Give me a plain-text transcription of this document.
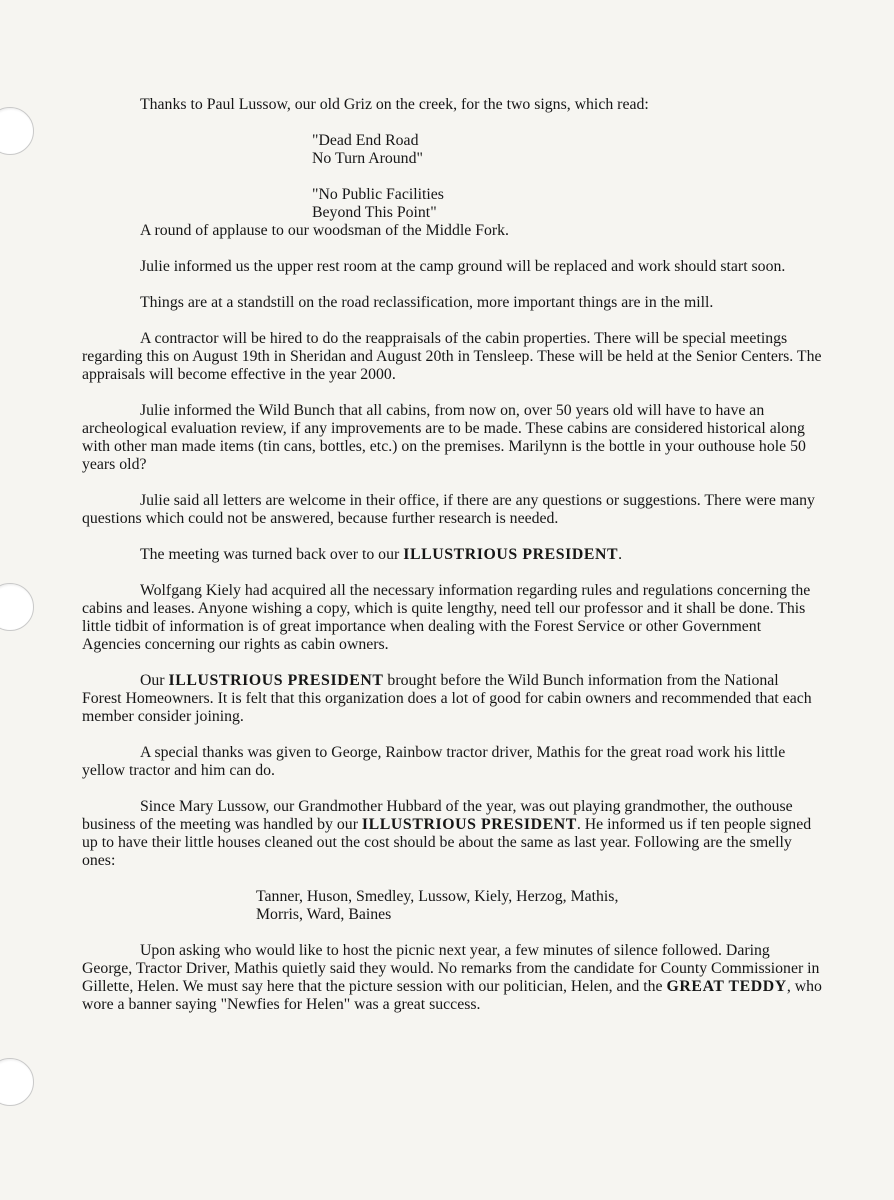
Thanks to Paul Lussow, our old Griz on the creek, for the two signs, which read:

"Dead End Road
No Turn Around"
"No Public Facilities
Beyond This Point"

A round of applause to our woodsman of the Middle Fork.

Julie informed us the upper rest room at the camp ground will be replaced and work should start soon.

Things are at a standstill on the road reclassification, more important things are in the mill.

A contractor will be hired to do the reappraisals of the cabin properties. There will be special meetings regarding this on August 19th in Sheridan and August 20th in Tensleep. These will be held at the Senior Centers. The appraisals will become effective in the year 2000.

Julie informed the Wild Bunch that all cabins, from now on, over 50 years old will have to have an archeological evaluation review, if any improvements are to be made. These cabins are considered historical along with other man made items (tin cans, bottles, etc.) on the premises. Marilynn is the bottle in your outhouse hole 50 years old?

Julie said all letters are welcome in their office, if there are any questions or suggestions. There were many questions which could not be answered, because further research is needed.

The meeting was turned back over to our ILLUSTRIOUS PRESIDENT.

Wolfgang Kiely had acquired all the necessary information regarding rules and regulations concerning the cabins and leases. Anyone wishing a copy, which is quite lengthy, need tell our professor and it shall be done. This little tidbit of information is of great importance when dealing with the Forest Service or other Government Agencies concerning our rights as cabin owners.

Our ILLUSTRIOUS PRESIDENT brought before the Wild Bunch information from the National Forest Homeowners. It is felt that this organization does a lot of good for cabin owners and recommended that each member consider joining.

A special thanks was given to George, Rainbow tractor driver, Mathis for the great road work his little yellow tractor and him can do.

Since Mary Lussow, our Grandmother Hubbard of the year, was out playing grandmother, the outhouse business of the meeting was handled by our ILLUSTRIOUS PRESIDENT. He informed us if ten people signed up to have their little houses cleaned out the cost should be about the same as last year. Following are the smelly ones:

Tanner, Huson, Smedley, Lussow, Kiely, Herzog, Mathis,
Morris, Ward, Baines

Upon asking who would like to host the picnic next year, a few minutes of silence followed. Daring George, Tractor Driver, Mathis quietly said they would. No remarks from the candidate for County Commissioner in Gillette, Helen. We must say here that the picture session with our politician, Helen, and the GREAT TEDDY, who wore a banner saying "Newfies for Helen" was a great success.
